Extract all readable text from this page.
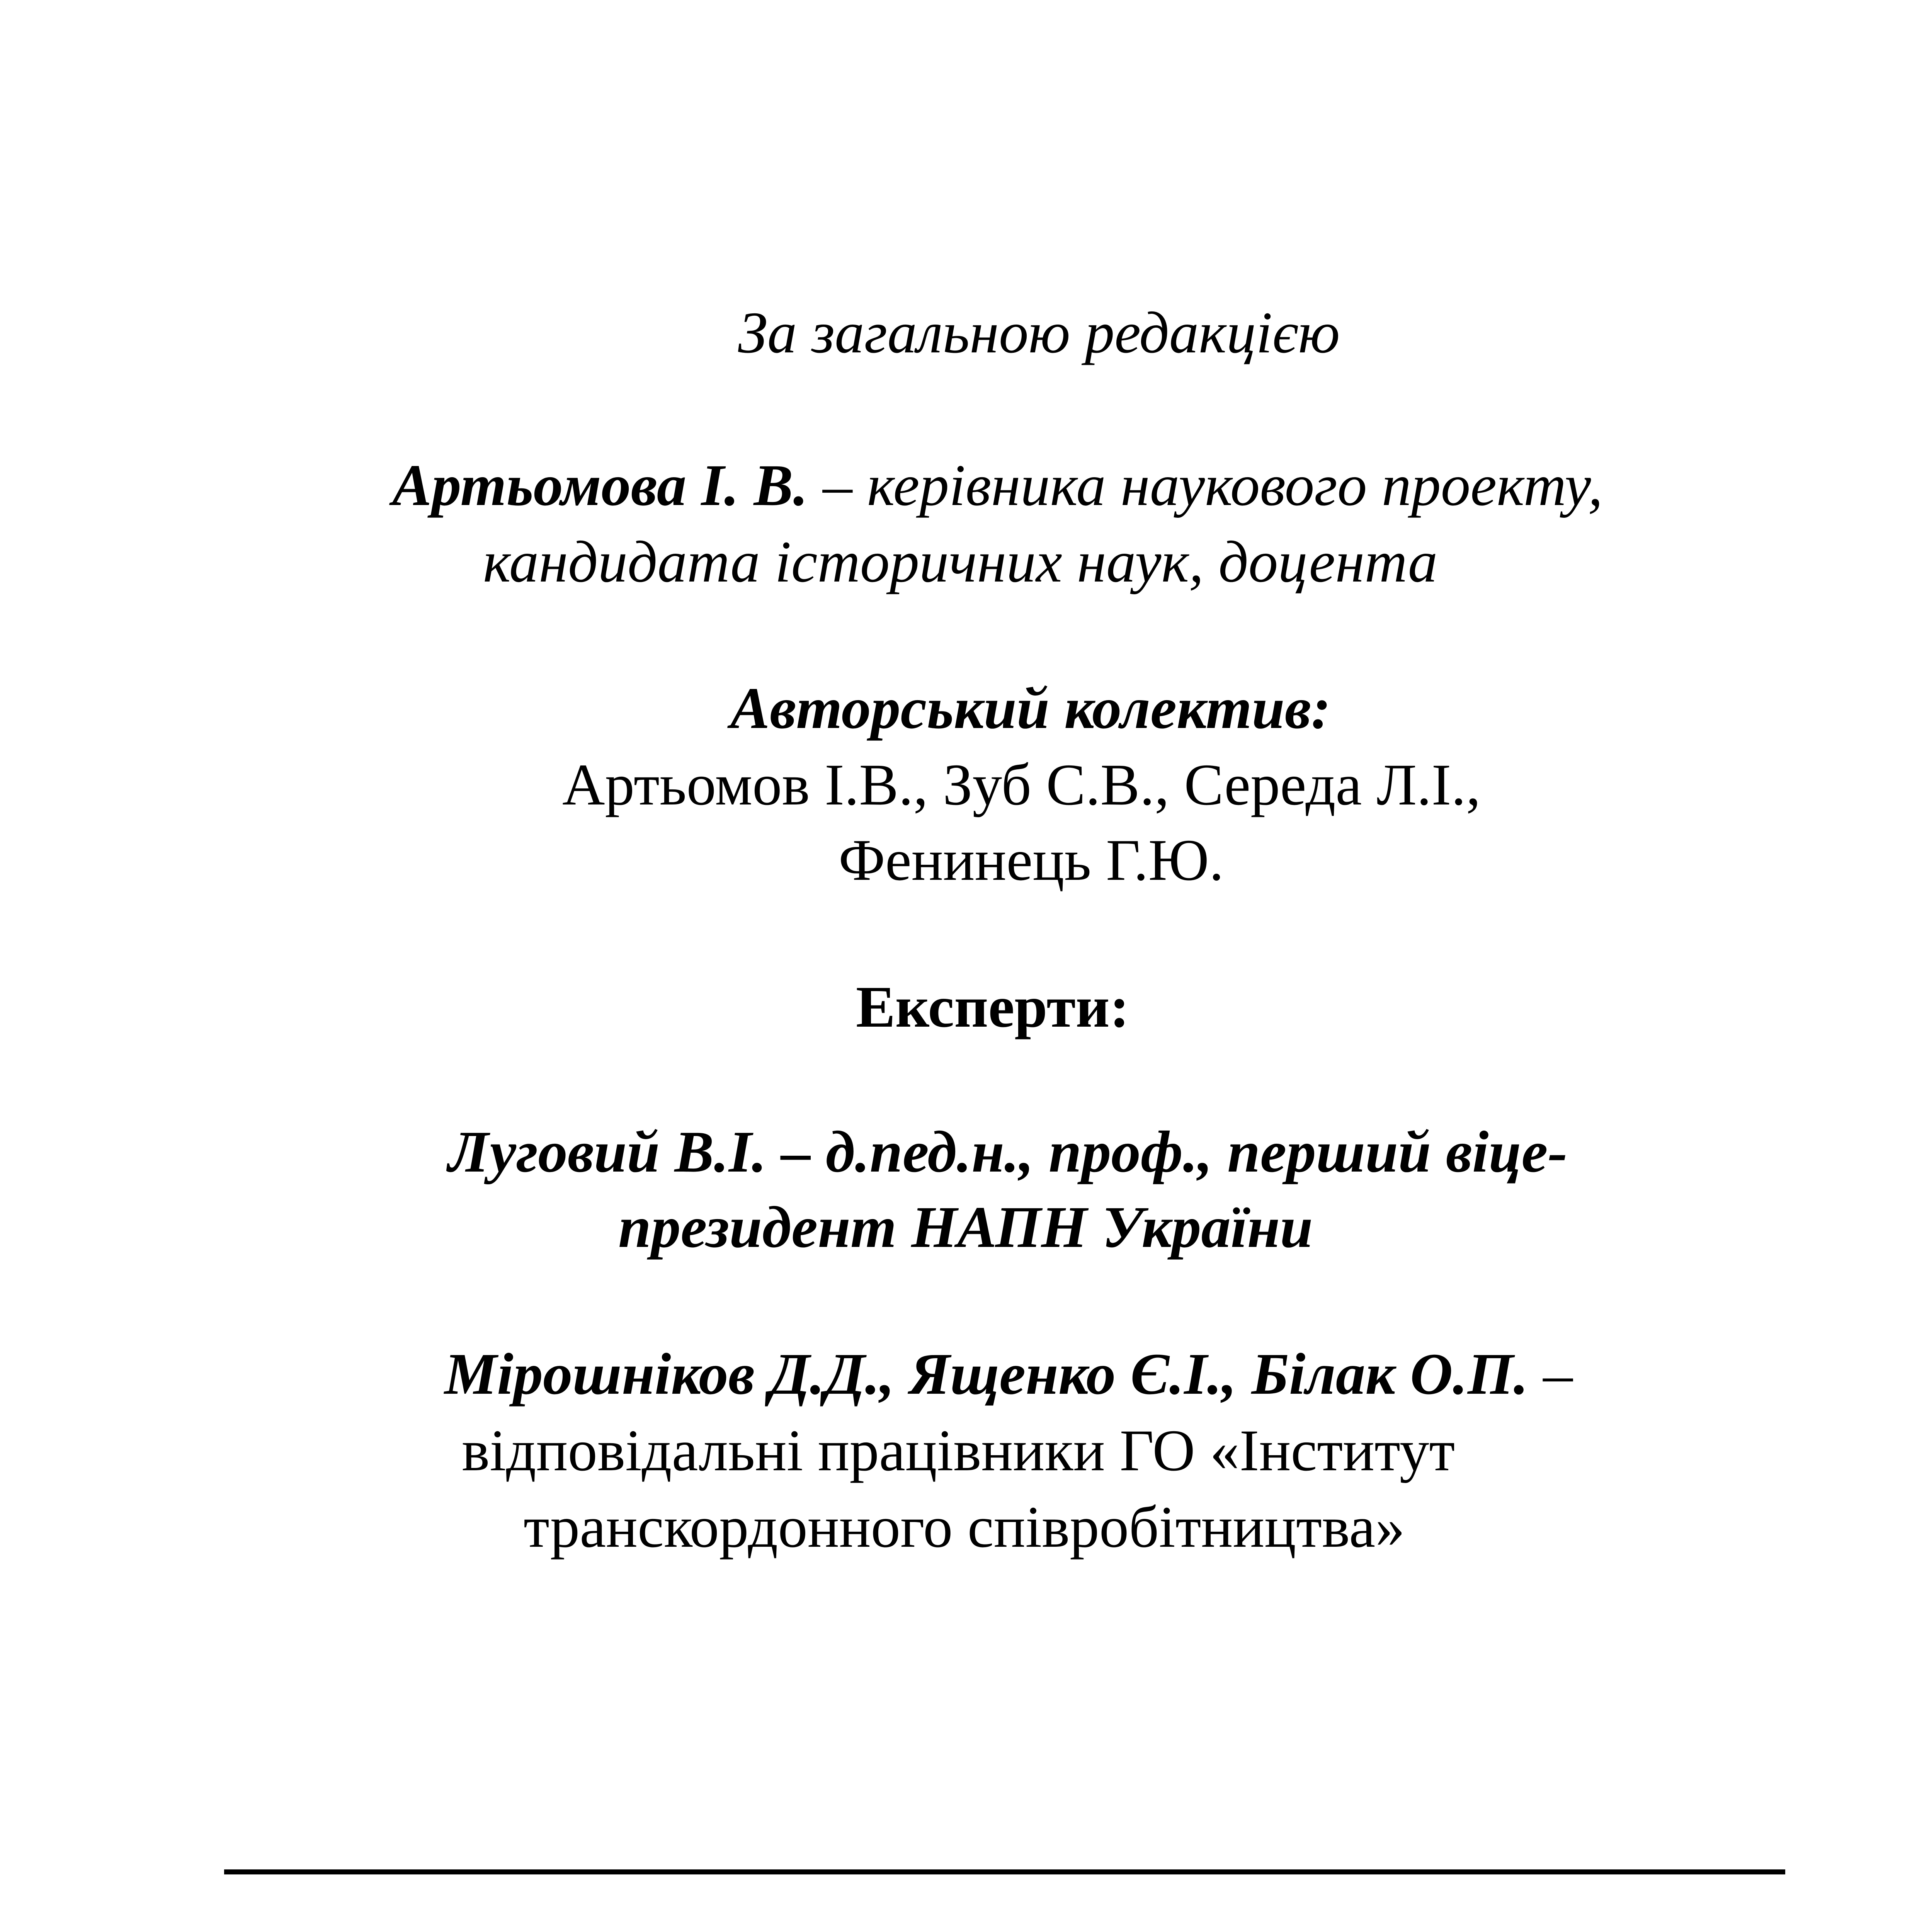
За загальною редакцією

Артьомова І. В. – керівника наукового проекту,

кандидата історичних наук, доцента

Авторський колектив:

Артьомов І.В., Зуб С.В., Середа Л.І.,

Фенинець Г.Ю.

Експерти:

Луговий В.І. – д.пед.н., проф., перший віце-

президент НАПН України

Мірошніков Д.Д., Ященко Є.І., Білак О.П. –

відповідальні працівники ГО «Інститут

транскордонного співробітництва»
